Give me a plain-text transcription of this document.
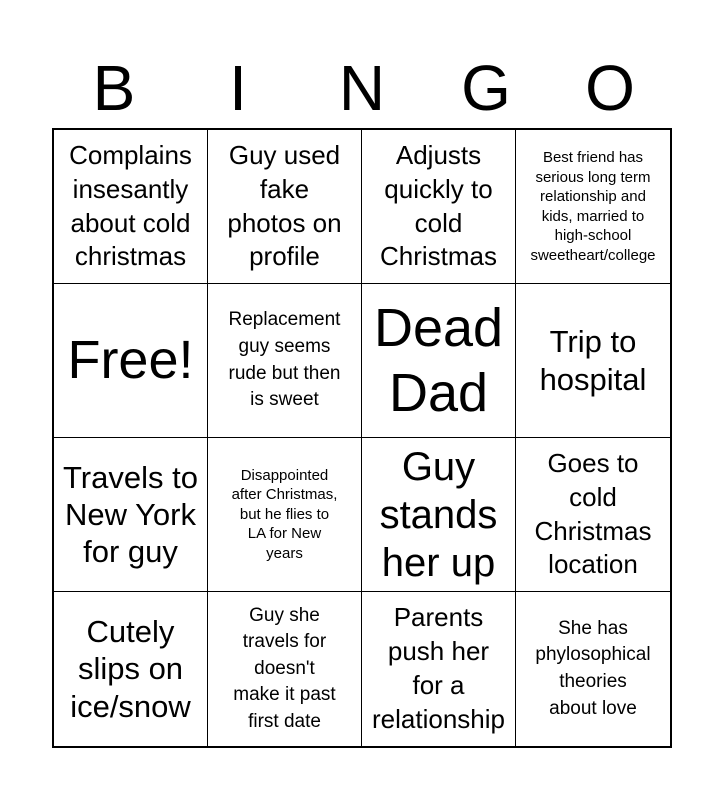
B	I	N	G	O
Complains
insesantly
about cold
christmas
Guy used
fake
photos on
profile
Adjusts
quickly to
cold
Christmas
Best friend has
serious long term
relationship and
kids, married to
high-school
sweetheart/college
Free!
Replacement
guy seems
rude but then
is sweet
Dead
Dad
Trip to
hospital
Travels to
New York
for guy
Disappointed
after Christmas,
but he flies to
LA for New
years
Guy
stands
her up
Goes to
cold
Christmas
location
Cutely
slips on
ice/snow
Guy she
travels for
doesn't
make it past
first date
Parents
push her
for a
relationship
She has
phylosophical
theories
about love
